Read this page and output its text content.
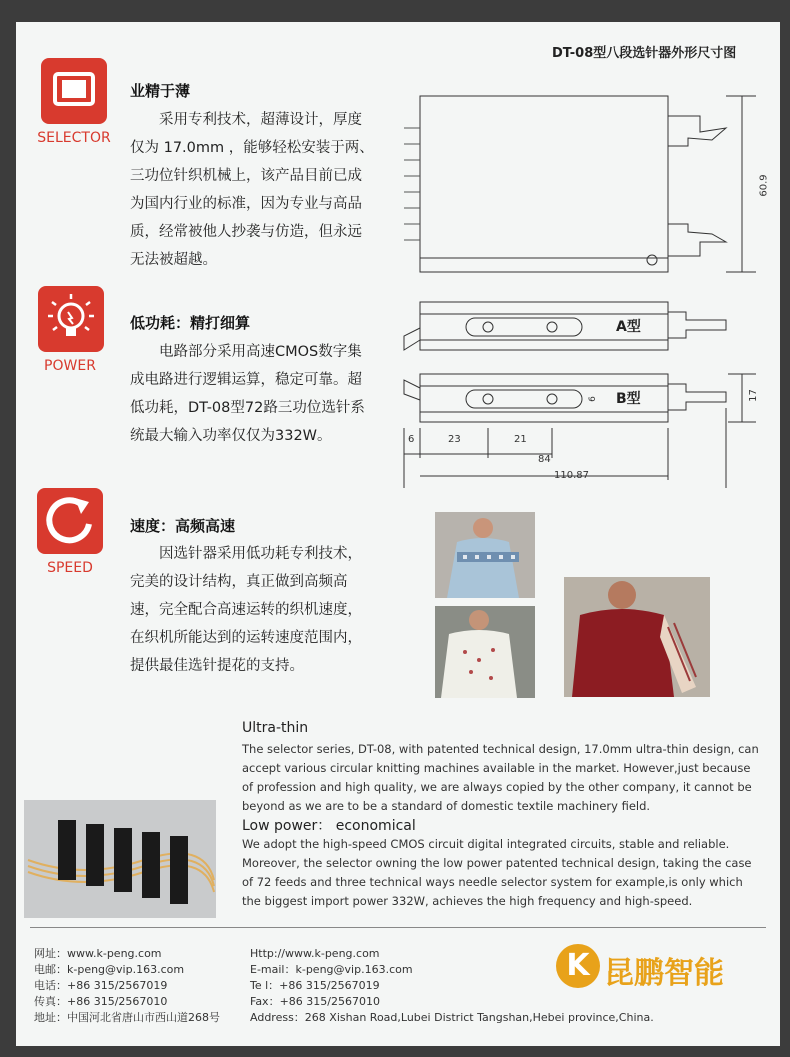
DT-08型八段选针器外形尺寸图
SELECTOR
业精于薄
采用专利技术，超薄设计，厚度仅为 17.0mm ，能够轻松安装于两、三功位针织机械上，该产品目前已成为国内行业的标准，因为专业与高品质，经常被他人抄袭与仿造，但永远无法被超越。
POWER
低功耗：精打细算
电路部分采用高速CMOS数字集成电路进行逻辑运算，稳定可靠。超低功耗，DT-08型72路三功位选针系统最大输入功率仅仅为332W。
SPEED
速度：高频高速
因选针器采用低功耗专利技术，完美的设计结构，真正做到高频高速，完全配合高速运转的织机速度，在织机所能达到的运转速度范围内，提供最佳选针提花的支持。
60.9
A型
B型
6	17
6	23	21
84
110.87
Ultra-thin
The selector series, DT-08, with patented technical design, 17.0mm ultra-thin design, can accept various circular knitting machines available in the market. However,just because of profession and high quality, we are always copied by the other company, it cannot be beyond as we are to be a standard of domestic textile machinery field.
Low power： economical
We adopt the high-speed CMOS circuit digital integrated circuits, stable and reliable. Moreover, the selector owning the low power patented technical design, taking the case of 72 feeds and three technical ways needle selector system for example,is only which the biggest import power 332W, achieves the high frequency and high-speed.
网址：www.k-peng.com
电邮：k-peng@vip.163.com
电话：+86 315/2567019
传真：+86 315/2567010
地址：中国河北省唐山市西山道268号
Http://www.k-peng.com
E-mail：k-peng@vip.163.com
Te l：+86 315/2567019
Fax：+86 315/2567010
Address：268 Xishan Road,Lubei District Tangshan,Hebei province,China.
K 昆鹏智能
